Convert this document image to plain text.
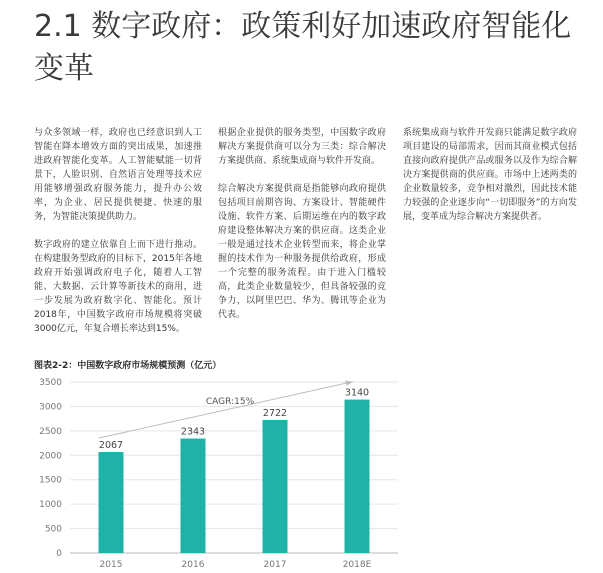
2.1 数字政府：政策利好加速政府智能化变革

与众多领域一样，政府也已经意识到人工智能在降本增效方面的突出成果，加速推进政府智能化变革。人工智能赋能一切背景下，人脸识别、自然语言处理等技术应用能够增强政府服务能力，提升办公效率，为企业、居民提供便捷、快速的服务，为智能决策提供助力。

数字政府的建立依靠自上而下进行推动。在构建服务型政府的目标下，2015年各地政府开始强调政府电子化，随着人工智能、大数据、云计算等新技术的商用，进一步发展为政府数字化、智能化。预计2018年，中国数字政府市场规模将突破3000亿元，年复合增长率达到15%。

根据企业提供的服务类型，中国数字政府解决方案提供商可以分为三类：综合解决方案提供商、系统集成商与软件开发商。

综合解决方案提供商是指能够向政府提供包括项目前期咨询、方案设计、智能硬件设施、软件方案、后期运维在内的数字政府建设整体解决方案的供应商。这类企业一般是通过技术企业转型而来，将企业掌握的技术作为一种服务提供给政府，形成一个完整的服务流程。由于进入门槛较高，此类企业数量较少，但具备较强的竞争力，以阿里巴巴、华为、腾讯等企业为代表。

系统集成商与软件开发商只能满足数字政府项目建设的局部需求，因而其商业模式包括直接向政府提供产品或服务以及作为综合解决方案提供商的供应商。市场中上述两类的企业数量较多，竞争相对激烈，因此技术能力较强的企业逐步向“一切即服务”的方向发展，变革成为综合解决方案提供者。

图表2-2：中国数字政府市场规模预测（亿元）
0
500
1000
1500
2000
2500
3000
3500
2067
2015
2343
2016
2722
2017
3140
2018E
CAGR:15%
